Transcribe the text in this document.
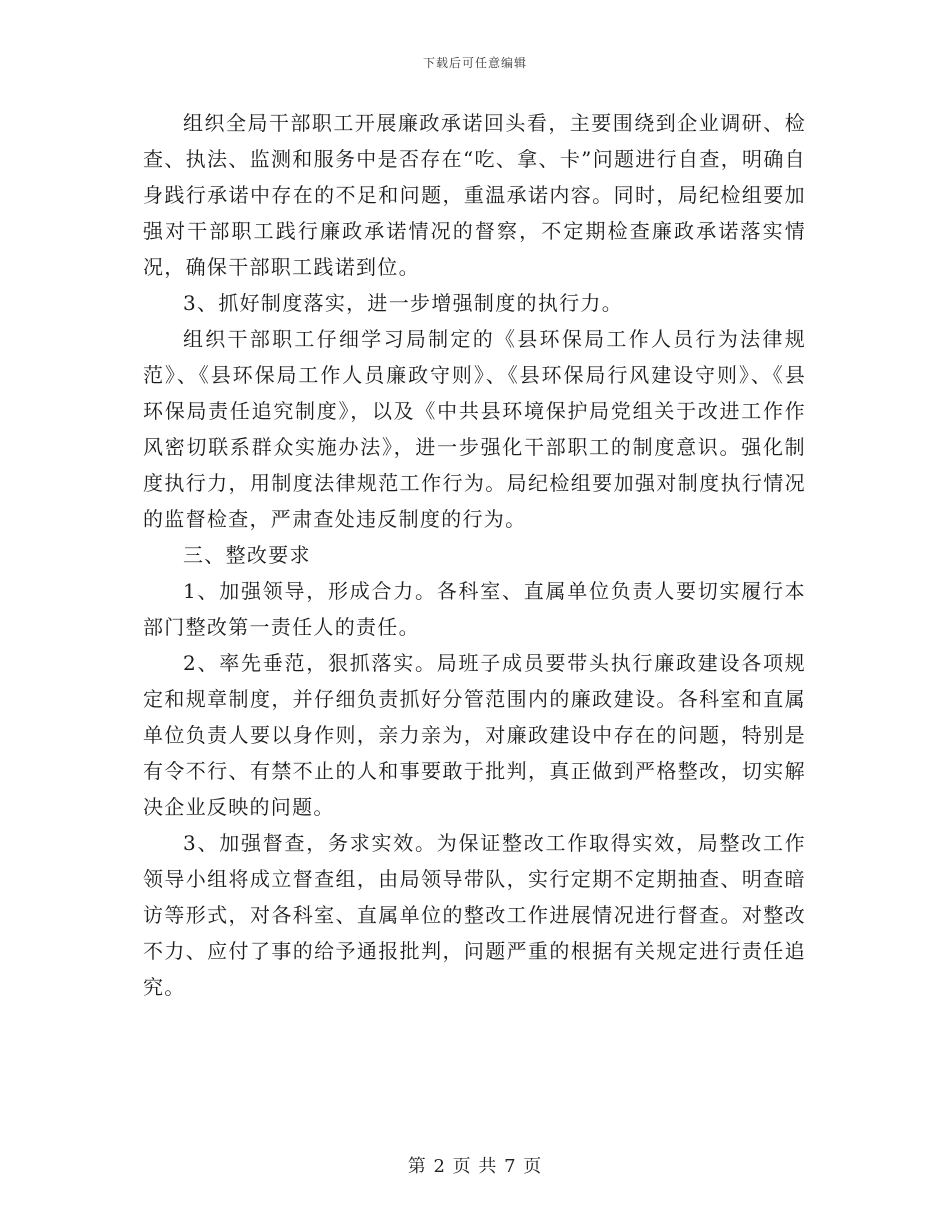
下载后可任意编辑

组织全局干部职工开展廉政承诺回头看，主要围绕到企业调研、检查、执法、监测和服务中是否存在“吃、拿、卡”问题进行自查，明确自身践行承诺中存在的不足和问题，重温承诺内容。同时，局纪检组要加强对干部职工践行廉政承诺情况的督察，不定期检查廉政承诺落实情况，确保干部职工践诺到位。

3、抓好制度落实，进一步增强制度的执行力。

组织干部职工仔细学习局制定的《县环保局工作人员行为法律规范》、《县环保局工作人员廉政守则》、《县环保局行风建设守则》、《县环保局责任追究制度》，以及《中共县环境保护局党组关于改进工作作风密切联系群众实施办法》，进一步强化干部职工的制度意识。强化制度执行力，用制度法律规范工作行为。局纪检组要加强对制度执行情况的监督检查，严肃查处违反制度的行为。

三、整改要求

1、加强领导，形成合力。各科室、直属单位负责人要切实履行本部门整改第一责任人的责任。

2、率先垂范，狠抓落实。局班子成员要带头执行廉政建设各项规定和规章制度，并仔细负责抓好分管范围内的廉政建设。各科室和直属单位负责人要以身作则，亲力亲为，对廉政建设中存在的问题，特别是有令不行、有禁不止的人和事要敢于批判，真正做到严格整改，切实解决企业反映的问题。

3、加强督查，务求实效。为保证整改工作取得实效，局整改工作领导小组将成立督查组，由局领导带队，实行定期不定期抽查、明查暗访等形式，对各科室、直属单位的整改工作进展情况进行督查。对整改不力、应付了事的给予通报批判，问题严重的根据有关规定进行责任追究。

第 2 页 共 7 页
